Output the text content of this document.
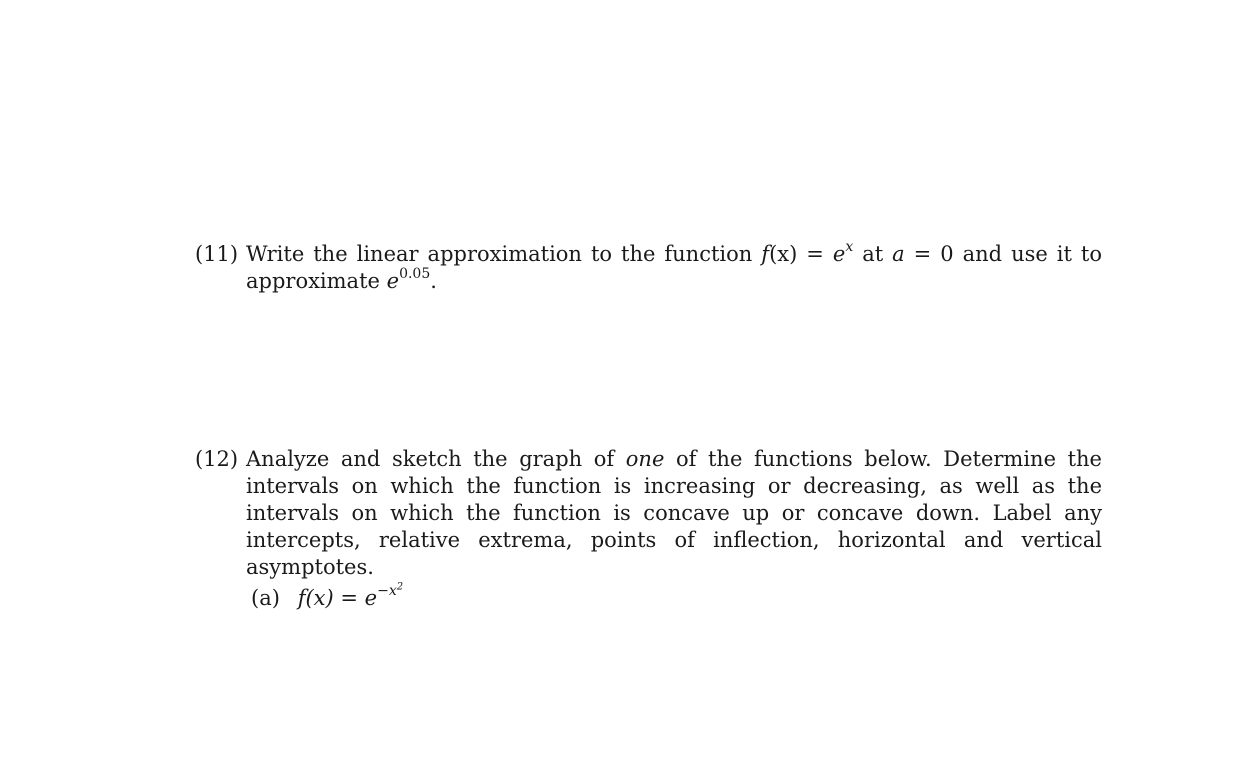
(11) Write the linear approximation to the function $f(x) = e^x$ at a = 0 and use it to approximate $e^{0.05}$.
(12) Analyze and sketch the graph of one of the functions below. Determine the intervals on which the function is increasing or decreasing, as well as the intervals on which the function is concave up or concave down. Label any intercepts, relative extrema, points of inflection, horizontal and vertical asymptotes.
(a) $f(x) = e^{-x^2}$
